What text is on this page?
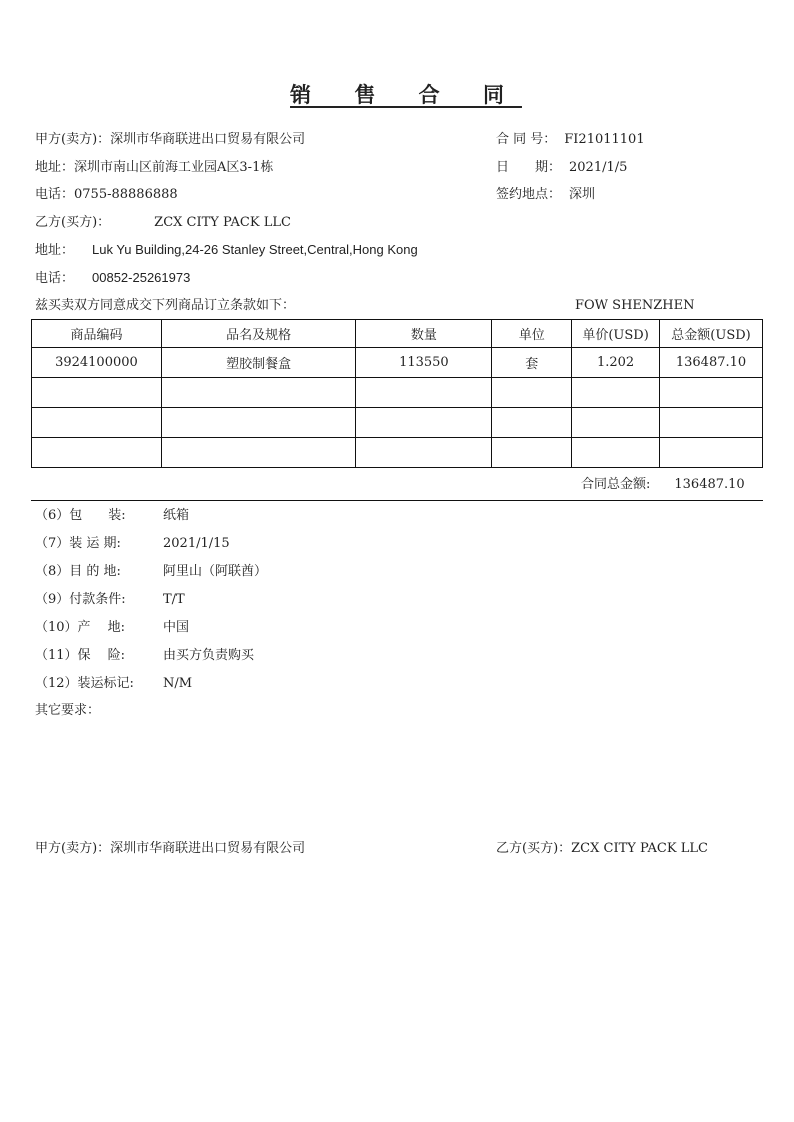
销 售 合 同
甲方(卖方)：深圳市华商联进出口贸易有限公司
地址：深圳市南山区前海工业园A区3-1栋
电话：0755-88886888
合 同 号： FI21011101
日　　期： 2021/1/5
签约地点： 深圳
乙方(买方)：	ZCX CITY PACK LLC
地址： Luk Yu Building,24-26 Stanley Street,Central,Hong Kong
电话： 00852-25261973
兹买卖双方同意成交下列商品订立条款如下：	FOW SHENZHEN
商品编码	品名及规格	数量	单位	单价(USD)	总金额(USD)
3924100000	塑胶制餐盒	113550	套	1.202	136487.10

合同总金额: 136487.10
（6）包　　装:	纸箱
（7）装 运 期:	2021/1/15
（8）目 的 地:	阿里山（阿联酋）
（9）付款条件:	T/T
（10）产　 地:	中国
（11）保　 险:	由买方负责购买
（12）装运标记: N/M
其它要求：
甲方(卖方)：深圳市华商联进出口贸易有限公司	乙方(买方)：ZCX CITY PACK LLC
